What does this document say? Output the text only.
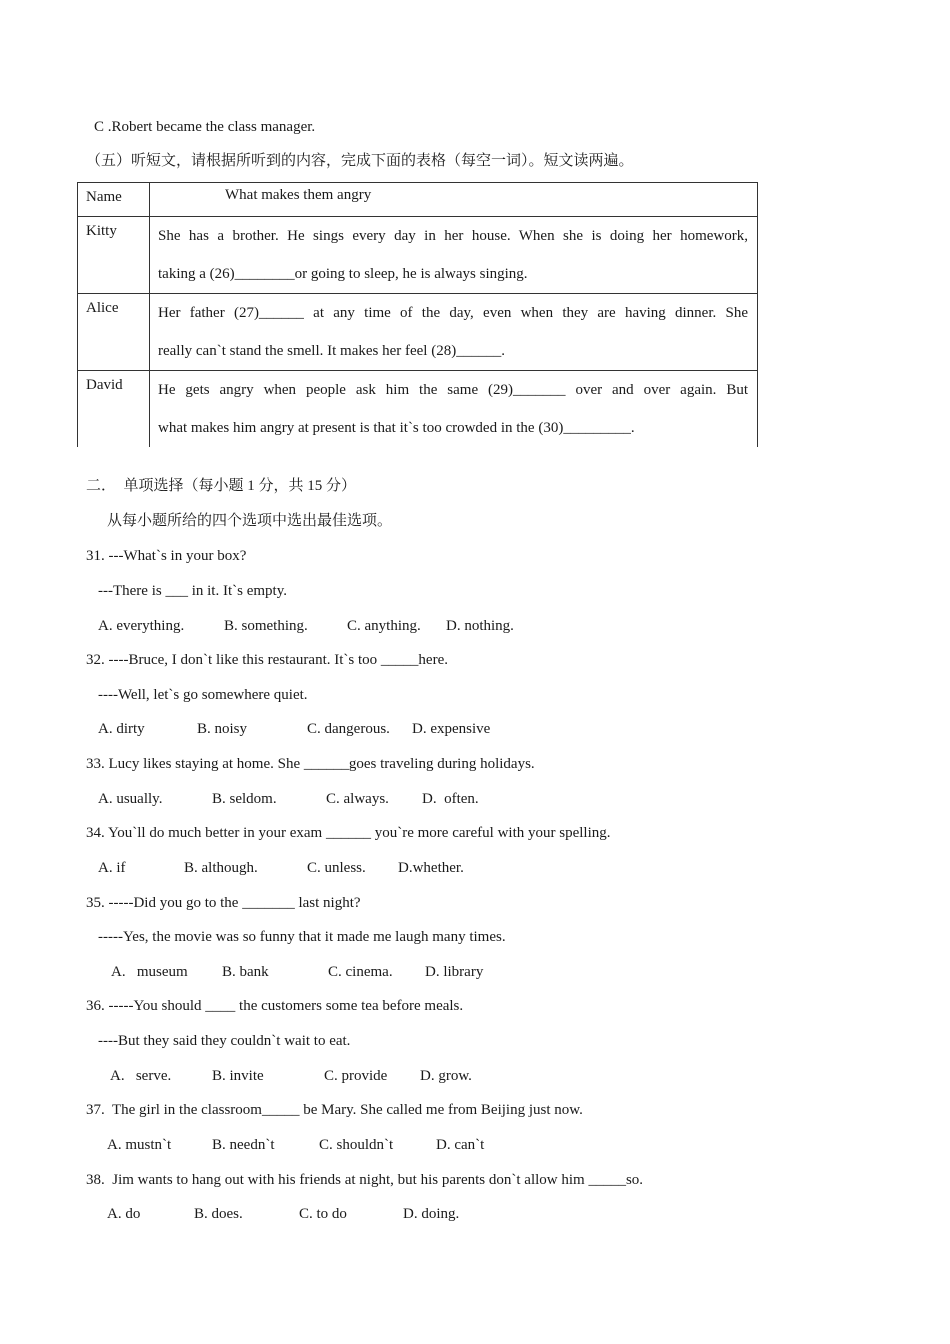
C .Robert became the class manager.
（五）听短文，请根据所听到的内容，完成下面的表格（每空一词）。短文读两遍。
Name	What makes them angry
Kitty	She has a brother. He sings every day in her house. When she is doing her homework,
taking a (26)________or going to sleep, he is always singing.

Alice	Her father (27)______ at any time of the day, even when they are having dinner. She
really can`t stand the smell. It makes her feel (28)______.

David	He gets angry when people ask him the same (29)_______ over and over again. But
what makes him angry at present is that it`s too crowded in the (30)_________.
二．  单项选择（每小题 1 分，共 15 分）
从每小题所给的四个选项中选出最佳选项。
31. ---What`s in your box?
---There is ___ in it. It`s empty.
A. everything.	B. something.	C. anything. D. nothing.
32. ----Bruce, I don`t like this restaurant. It`s too _____here.
----Well, let`s go somewhere quiet.
A. dirty	B. noisy	C. dangerous. D. expensive
33. Lucy likes staying at home. She ______goes traveling during holidays.
A. usually.	B. seldom.	C. always. D.  often.
34. You`ll do much better in your exam ______ you`re more careful with your spelling.
A. if	B. although.	C. unless. D.whether.
35. -----Did you go to the _______ last night?
-----Yes, the movie was so funny that it made me laugh many times.
A.   museum B. bank	C. cinema. D. library
36. -----You should ____ the customers some tea before meals.
----But they said they couldn`t wait to eat.
A.   serve.	B. invite	C. provide D. grow.
37.  The girl in the classroom_____ be Mary. She called me from Beijing just now.
A. mustn`t	B. needn`t	C. shouldn`t	D. can`t
38.  Jim wants to hang out with his friends at night, but his parents don`t allow him _____so.
A. do	B. does.	C. to do	D. doing.
